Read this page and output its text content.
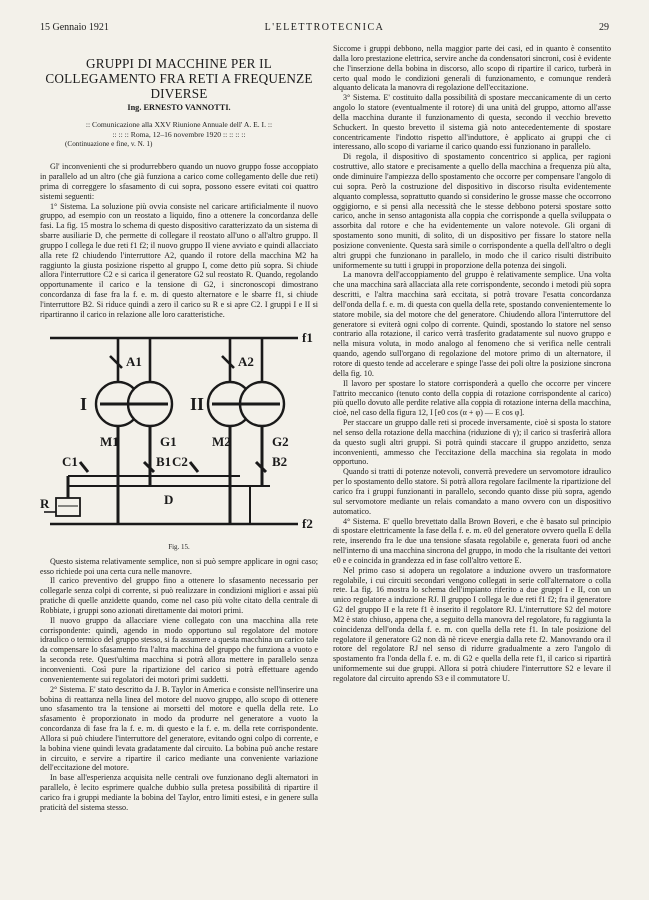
15 Gennaio 1921	L'ELETTROTECNICA	29
GRUPPI DI MACCHINE PER IL COLLEGAMENTO FRA RETI A FREQUENZE DIVERSE
Ing. ERNESTO VANNOTTI.

:: Comunicazione alla XXV Riunione Annuale dell' A. E. I. ::

:: :: :: Roma, 12–16 novembre 1920 :: :: :: ::

(Continuazione e fine, v. N. 1)

Gl' inconvenienti che si produrrebbero quando un nuovo gruppo fosse accoppiato in parallelo ad un altro (che già funziona a carico come collegamento delle due reti) prima di correggere lo sfasamento di cui sopra, possono essere evitati coi quattro sistemi seguenti:

1° Sistema. La soluzione più ovvia consiste nel caricare artificialmente il nuovo gruppo, ad esempio con un reostato a liquido, fino a ottenere la concordanza delle fasi. La fig. 15 mostra lo schema di questo dispositivo caratterizzato da un sistema di sbarre ausiliarie D, che permette di collegare il reostato all'uno o all'altro gruppo. Il gruppo I collega le due reti f1 f2; il nuovo gruppo II viene avviato e quindi allacciato alla rete f2 chiudendo l'interruttore A2, quando il rotore della macchina M2 ha raggiunto la giusta posizione rispetto al gruppo I, come detto più sopra. Si chiude allora l'interruttore C2 e si carica il generatore G2 sul reostato R. Quando, regolando opportunamente il carico e la tensione di G2, i sincronoscopi dimostrano concordanza di fase fra la f. e. m. di questo alternatore e le sbarre f1, si chiude l'interruttore B2. Si riduce quindi a zero il carico su R e si apre C2. I gruppi I e II si ripartiranno il carico in relazione alle loro caratteristiche.

f1
f2
A1	A2
I	II
M1	G1	M2	G2
C1	C2
B1	B2
D
R
Fig. 15.

Questo sistema relativamente semplice, non si può sempre applicare in ogni caso; esso richiede poi una certa cura nelle manovre.

Il carico preventivo del gruppo fino a ottenere lo sfasamento necessario per collegarle senza colpi di corrente, si può realizzare in condizioni migliori e assai più pratiche di quelle anzidette quando, come nel caso più volte citato della centrale di Robbiate, i gruppi sono azionati direttamente dai motori primi.

Il nuovo gruppo da allacciare viene collegato con una macchina alla rete corrispondente: quindi, agendo in modo opportuno sul regolatore del motore idraulico o termico del gruppo stesso, si fa assumere a questa macchina un carico tale da compensare lo sfasamento fra l'altra macchina del gruppo che funziona a vuoto e la seconda rete. Quest'ultima macchina si potrà allora mettere in parallelo senza inconvenienti. Così pure la ripartizione del carico si potrà effettuare agendo convenientemente sui regolatori dei motori primi suddetti.

2° Sistema. E' stato descritto da J. B. Taylor in America e consiste nell'inserire una bobina di reattanza nella linea del motore del nuovo gruppo, allo scopo di ottenere uno sfasamento tra la tensione ai morsetti del motore e quella della rete. Lo sfasamento è proporzionato in modo da produrre nel generatore a vuoto la concordanza di fase fra la f. e. m. di questo e la f. e. m. della rete corrispondente. Allora si può chiudere l'interruttore del generatore, evitando ogni colpo di corrente, e la bobina viene quindi levata gradatamente dal circuito. La bobina può anche restare in circuito, e servire a ripartire il carico mediante una conveniente variazione dell'eccitazione del motore.

In base all'esperienza acquisita nelle centrali ove funzionano degli alternatori in parallelo, è lecito esprimere qualche dubbio sulla pretesa possibilità di ripartire il carico fra i gruppi mediante la bobina del Taylor, entro limiti estesi, e in genere sulla praticità del sistema stesso.

Siccome i gruppi debbono, nella maggior parte dei casi, ed in quanto è consentito dalla loro prestazione elettrica, servire anche da condensatori sincroni, così è evidente che l'inserzione della bobina in discorso, allo scopo di ripartire il carico, turberà in certo qual modo le condizioni generali di funzionamento, e comunque renderà alquanto delicata la manovra di regolazione dell'eccitazione.

3° Sistema. E' costituito dalla possibilità di spostare meccanicamente di un certo angolo lo statore (eventualmente il rotore) di una unità del gruppo, attorno all'asse della macchina durante il funzionamento di questa, secondo il vecchio brevetto Schuckert. In questo brevetto il sistema già noto antecedentemente di spostare concentricamente l'indotto rispetto all'induttore, è applicato ai gruppi che ci interessano, allo scopo di variarne il carico quando essi funzionano in parallelo.

Di regola, il dispositivo di spostamento concentrico si applica, per ragioni costruttive, allo statore e precisamente a quello della macchina a frequenza più alta, onde diminuire l'ampiezza dello spostamento che occorre per compensare l'angolo di cui sopra. Però la costruzione del dispositivo in discorso risulta evidentemente alquanto complessa, soprattutto quando si considerino le grosse masse che occorrono oggigiorno, e si pensi alla necessità che le stesse debbono potersi spostare sotto carico, anche in senso antagonista alla coppia che corrisponde a quella sviluppata o assorbita dal rotore e che ha evidentemente un valore notevole. Gli organi di spostamento sono muniti, di solito, di un dispositivo per fissare lo statore nella posizione conveniente. Questa sarà simile o corrispondente a quella dell'altro o degli altri gruppi che funzionano in parallelo, in modo che il carico risulti distribuito uniformemente su tutti i gruppi in proporzione della potenza dei singoli.

La manovra dell'accoppiamento del gruppo è relativamente semplice. Una volta che una macchina sarà allacciata alla rete corrispondente, secondo i metodi più sopra descritti, e l'altra macchina sarà eccitata, si potrà trovare l'esatta concordanza dell'onda della f. e. m. di questa con quella della rete, spostando convenientemente lo statore mobile, sia del motore che del generatore. Chiudendo allora l'interruttore del generatore si eviterà ogni colpo di corrente. Quindi, spostando lo statore nel senso contrario alla rotazione, il carico verrà trasferito gradatamente sul nuovo gruppo e nella misura voluta, in modo analogo al fenomeno che si verifica nelle centrali quando, agendo sull'organo di regolazione del motore primo di un alternatore, il rotore di questo tende ad accelerare e spinge l'asse dei poli oltre la posizione sincrona della fig. 10.

Il lavoro per spostare lo statore corrisponderà a quello che occorre per vincere l'attrito meccanico (tenuto conto della coppia di rotazione corrispondente al carico) più quello dovuto alle perdite relative alla coppia di rotazione interna della macchina, cioè, nel caso della figura 12, I [e0 cos (α + φ) — E cos φ].

Per staccare un gruppo dalle reti si procede inversamente, cioè si sposta lo statore nel senso della rotazione della macchina (riduzione di γ); il carico si trasferirà allora da questo sugli altri gruppi. Si potrà quindi staccare il gruppo anzidetto, senza inconvenienti, ammesso che l'eccitazione della macchina sia regolata in modo opportuno.

Quando si tratti di potenze notevoli, converrà prevedere un servomotore idraulico per lo spostamento dello statore. Si potrà allora regolare facilmente la ripartizione del carico fra i gruppi funzionanti in parallelo, secondo quanto disse più sopra, agendo sul servomotore mediante un relais comandato a mano ovvero con un dispositivo automatico.

4° Sistema. E' quello brevettato dalla Brown Boveri, e che è basato sul principio di spostare elettricamente la fase della f. e. m. e0 del generatore ovvero quella E della rete, inserendo fra le due una tensione sfasata regolabile e, generata fuori od anche nell'interno di una macchina sincrona del gruppo, in modo che la risultante dei vettori e0 e e coincida in grandezza ed in fase coll'altro vettore E.

Nel primo caso si adopera un regolatore a induzione ovvero un trasformatore regolabile, i cui circuiti secondari vengono collegati in serie coll'alternatore o colla rete. La fig. 16 mostra lo schema dell'impianto riferito a due gruppi I e II, con un unico regolatore a induzione RJ. Il gruppo I collega le due reti f1 f2; fra il generatore G2 del gruppo II e la rete f1 è inserito il regolatore RJ. L'interruttore S2 del motore M2 è stato chiuso, appena che, a seguito della manovra del regolatore, fu raggiunta la coincidenza dell'onda della f. e. m. con quella della rete f1. In tale posizione del regolatore il generatore G2 non dà nè riceve energia dalla rete f2. Manovrando ora il rotore del regolatore RJ nel senso di ridurre gradualmente a zero l'angolo di spostamento fra l'onda della f. e. m. di G2 e quella della rete f1, il carico si ripartirà uniformemente sui due gruppi. Allora si potrà chiudere l'interruttore S2 e levare il regolatore dal circuito aprendo S3 e il commutatore U.
